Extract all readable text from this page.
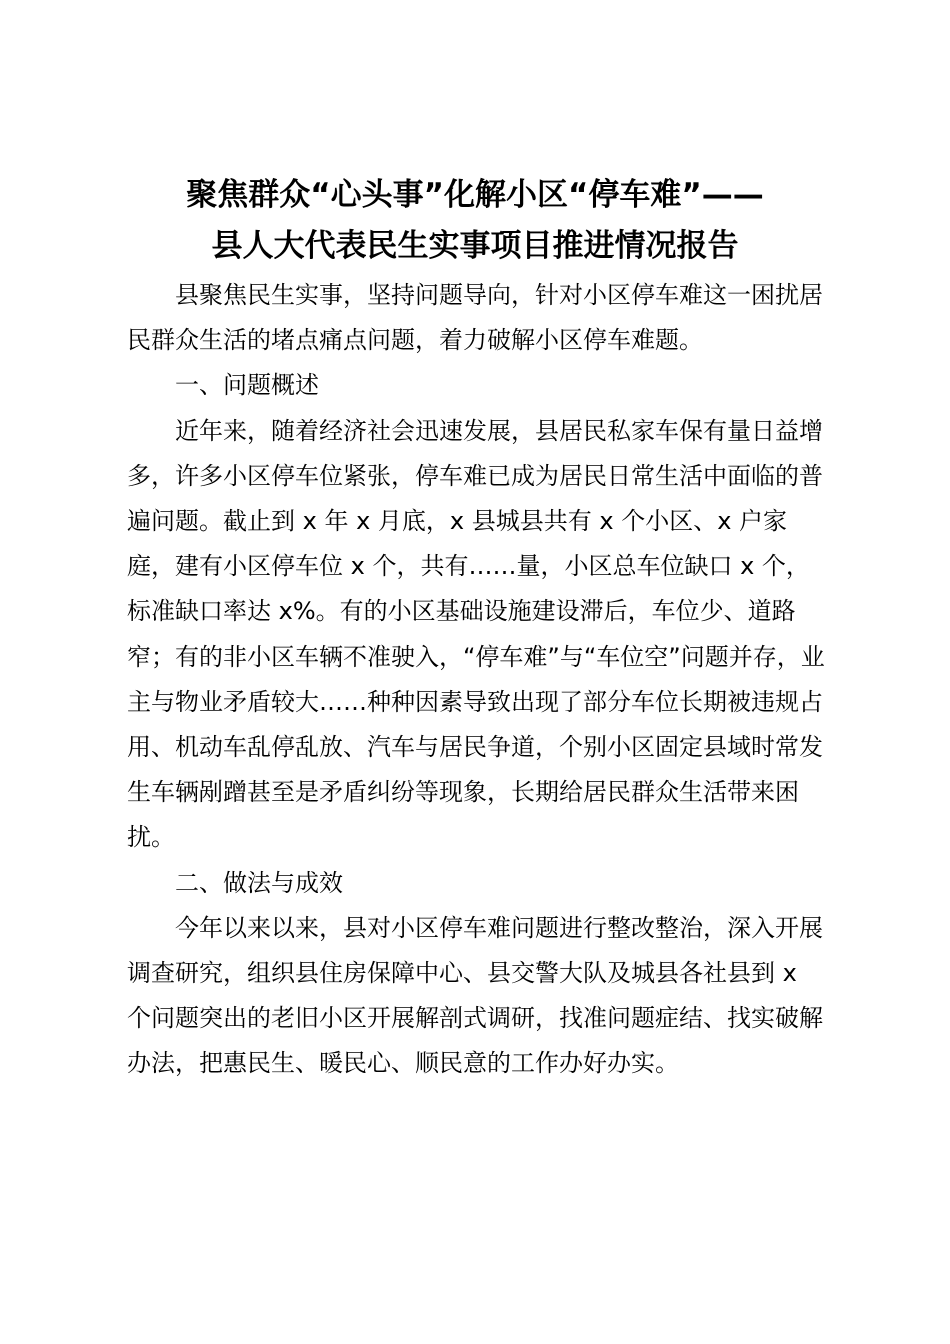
聚焦群众“心头事”化解小区“停车难”——
县人大代表民生实事项目推进情况报告

县聚焦民生实事，坚持问题导向，针对小区停车难这一困扰居民群众生活的堵点痛点问题，着力破解小区停车难题。

一、问题概述

近年来，随着经济社会迅速发展，县居民私家车保有量日益增多，许多小区停车位紧张，停车难已成为居民日常生活中面临的普遍问题。截止到 x 年 x 月底，x 县城县共有 x 个小区、x 户家庭，建有小区停车位 x 个，共有……量，小区总车位缺口 x 个，标准缺口率达 x%。有的小区基础设施建设滞后，车位少、道路窄；有的非小区车辆不准驶入，“停车难”与“车位空”问题并存，业主与物业矛盾较大……种种因素导致出现了部分车位长期被违规占用、机动车乱停乱放、汽车与居民争道，个别小区固定县域时常发生车辆剐蹭甚至是矛盾纠纷等现象，长期给居民群众生活带来困扰。

二、做法与成效

今年以来以来，县对小区停车难问题进行整改整治，深入开展调查研究，组织县住房保障中心、县交警大队及城县各社县到 x 个问题突出的老旧小区开展解剖式调研，找准问题症结、找实破解办法，把惠民生、暖民心、顺民意的工作办好办实。
